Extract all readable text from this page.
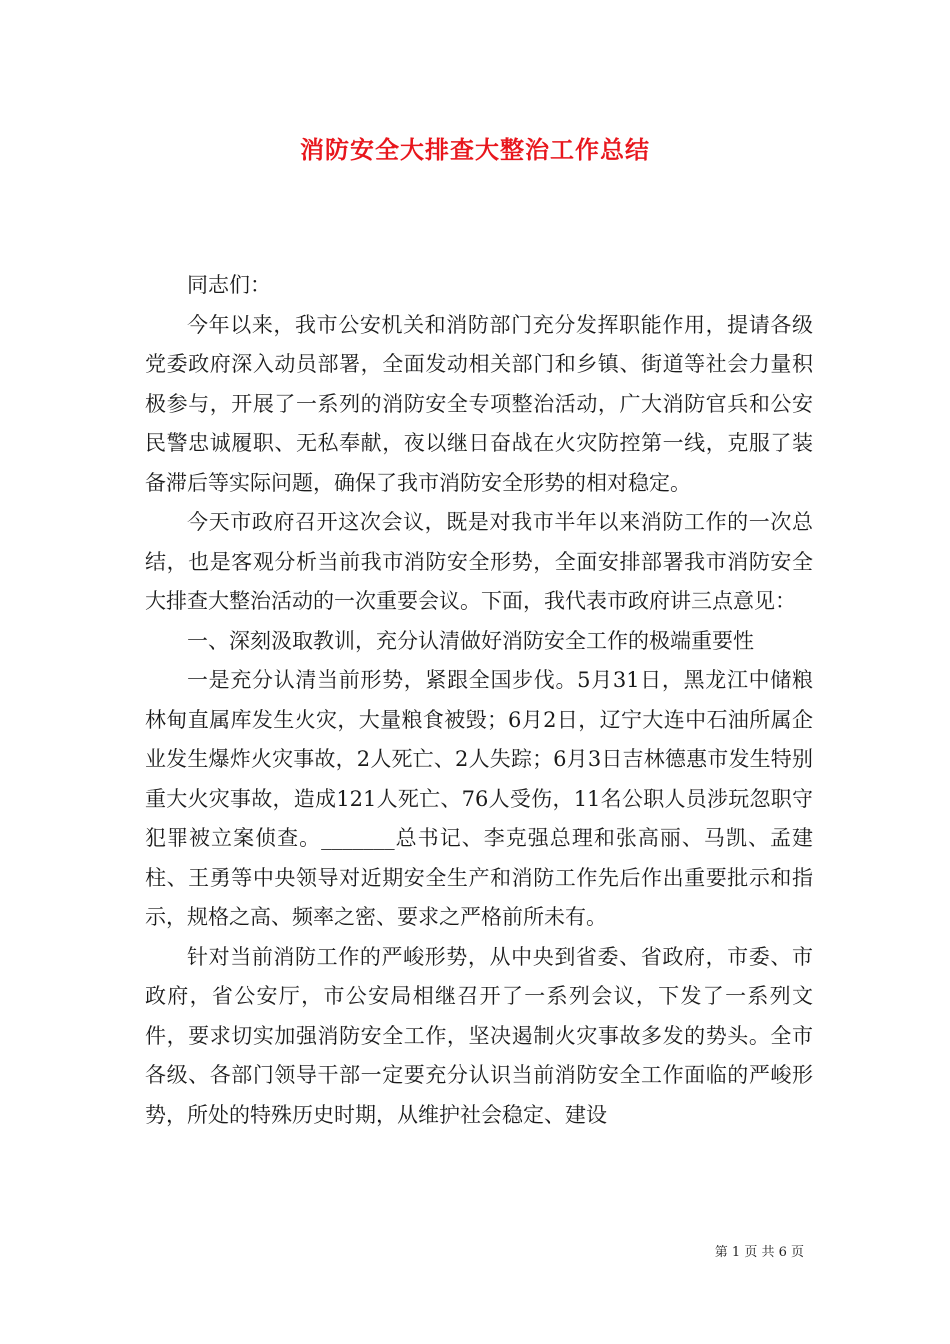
消防安全大排查大整治工作总结

同志们：

今年以来，我市公安机关和消防部门充分发挥职能作用，提请各级党委政府深入动员部署，全面发动相关部门和乡镇、街道等社会力量积极参与，开展了一系列的消防安全专项整治活动，广大消防官兵和公安民警忠诚履职、无私奉献，夜以继日奋战在火灾防控第一线，克服了装备滞后等实际问题，确保了我市消防安全形势的相对稳定。

今天市政府召开这次会议，既是对我市半年以来消防工作的一次总结，也是客观分析当前我市消防安全形势，全面安排部署我市消防安全大排查大整治活动的一次重要会议。下面，我代表市政府讲三点意见：

一、深刻汲取教训，充分认清做好消防安全工作的极端重要性

一是充分认清当前形势，紧跟全国步伐。5月31日，黑龙江中储粮林甸直属库发生火灾，大量粮食被毁；6月2日，辽宁大连中石油所属企业发生爆炸火灾事故，2人死亡、2人失踪；6月3日吉林德惠市发生特别重大火灾事故，造成121人死亡、76人受伤，11名公职人员涉玩忽职守犯罪被立案侦查。_______总书记、李克强总理和张高丽、马凯、孟建柱、王勇等中央领导对近期安全生产和消防工作先后作出重要批示和指示，规格之高、频率之密、要求之严格前所未有。

针对当前消防工作的严峻形势，从中央到省委、省政府，市委、市政府，省公安厅，市公安局相继召开了一系列会议，下发了一系列文件，要求切实加强消防安全工作，坚决遏制火灾事故多发的势头。全市各级、各部门领导干部一定要充分认识当前消防安全工作面临的严峻形势，所处的特殊历史时期，从维护社会稳定、建设

第 1 页 共 6 页
